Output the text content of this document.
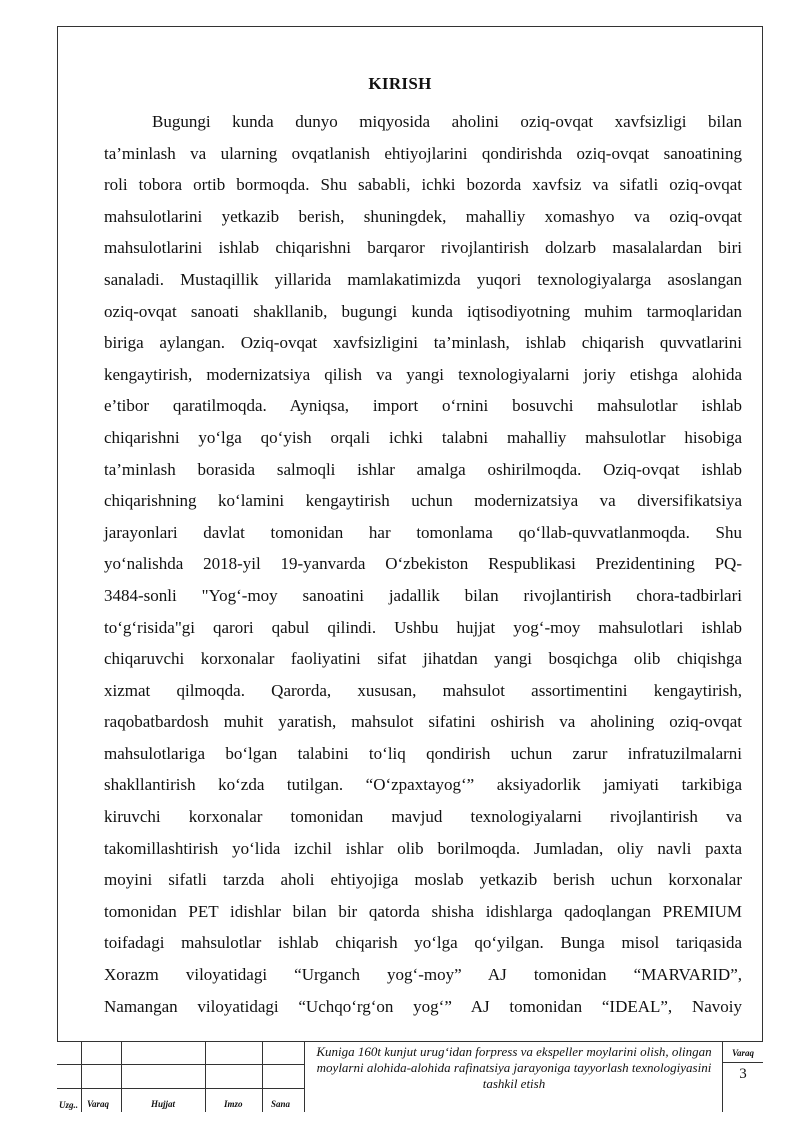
KIRISH

Bugungi kunda dunyo miqyosida aholini oziq-ovqat xavfsizligi bilan
ta’minlash va ularning ovqatlanish ehtiyojlarini qondirishda oziq-ovqat sanoatining
roli tobora ortib bormoqda. Shu sababli, ichki bozorda xavfsiz va sifatli oziq-ovqat
mahsulotlarini yetkazib berish, shuningdek, mahalliy xomashyo va oziq-ovqat
mahsulotlarini ishlab chiqarishni barqaror rivojlantirish dolzarb masalalardan biri
sanaladi. Mustaqillik yillarida mamlakatimizda yuqori texnologiyalarga asoslangan
oziq-ovqat sanoati shakllanib, bugungi kunda iqtisodiyotning muhim tarmoqlaridan
biriga aylangan. Oziq-ovqat xavfsizligini ta’minlash, ishlab chiqarish quvvatlarini
kengaytirish, modernizatsiya qilish va yangi texnologiyalarni joriy etishga alohida
e’tibor qaratilmoqda. Ayniqsa, import o‘rnini bosuvchi mahsulotlar ishlab
chiqarishni yo‘lga qo‘yish orqali ichki talabni mahalliy mahsulotlar hisobiga
ta’minlash borasida salmoqli ishlar amalga oshirilmoqda. Oziq-ovqat ishlab
chiqarishning ko‘lamini kengaytirish uchun modernizatsiya va diversifikatsiya
jarayonlari davlat tomonidan har tomonlama qo‘llab-quvvatlanmoqda. Shu
yo‘nalishda 2018-yil 19-yanvarda O‘zbekiston Respublikasi Prezidentining PQ-
3484-sonli "Yog‘-moy sanoatini jadallik bilan rivojlantirish chora-tadbirlari
to‘g‘risida"gi qarori qabul qilindi. Ushbu hujjat yog‘-moy mahsulotlari ishlab
chiqaruvchi korxonalar faoliyatini sifat jihatdan yangi bosqichga olib chiqishga
xizmat qilmoqda. Qarorda, xususan, mahsulot assortimentini kengaytirish,
raqobatbardosh muhit yaratish, mahsulot sifatini oshirish va aholining oziq-ovqat
mahsulotlariga bo‘lgan talabini to‘liq qondirish uchun zarur infratuzilmalarni
shakllantirish ko‘zda tutilgan. “O‘zpaxtayog‘” aksiyadorlik jamiyati tarkibiga
kiruvchi korxonalar tomonidan mavjud texnologiyalarni rivojlantirish va
takomillashtirish yo‘lida izchil ishlar olib borilmoqda. Jumladan, oliy navli paxta
moyini sifatli tarzda aholi ehtiyojiga moslab yetkazib berish uchun korxonalar
tomonidan PET idishlar bilan bir qatorda shisha idishlarga qadoqlangan PREMIUM
toifadagi mahsulotlar ishlab chiqarish yo‘lga qo‘yilgan. Bunga misol tariqasida
Xorazm viloyatidagi “Urganch yog‘-moy” AJ tomonidan “MARVARID”,
Namangan viloyatidagi “Uchqo‘rg‘on yog‘” AJ tomonidan “IDEAL”, Navoiy

Uzg.. Varaq	Hujjat	Imzo	Sana
Kuniga 160t kunjut urug‘idan forpress va ekspeller moylarini olish, olingan moylarni alohida-alohida rafinatsiya jarayoniga tayyorlash texnologiyasini tashkil etish
Varaq
3
